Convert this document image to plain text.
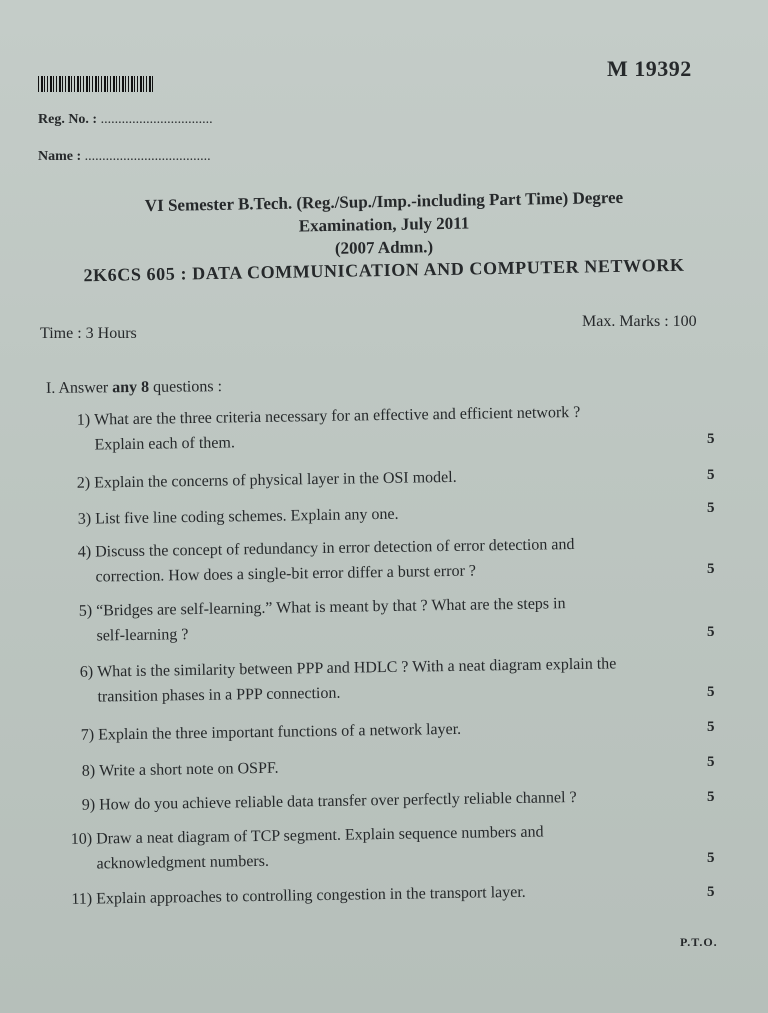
M 19392
Reg. No. : ................................
Name : ....................................
VI Semester B.Tech. (Reg./Sup./Imp.-including Part Time) Degree
Examination, July 2011
(2007 Admn.)
2K6CS 605 : DATA COMMUNICATION AND COMPUTER NETWORK
Time : 3 Hours
Max. Marks : 100
I. Answer any 8 questions :
1) What are the three criteria necessary for an effective and efficient network ?
Explain each of them.	5
2) Explain the concerns of physical layer in the OSI model.	5
3) List five line coding schemes. Explain any one.	5
4) Discuss the concept of redundancy in error detection of error detection and
correction. How does a single-bit error differ a burst error ?	5
5) “Bridges are self-learning.” What is meant by that ? What are the steps in
self-learning ?	5
6) What is the similarity between PPP and HDLC ? With a neat diagram explain the
transition phases in a PPP connection.	5
7) Explain the three important functions of a network layer.	5
8) Write a short note on OSPF.	5
9) How do you achieve reliable data transfer over perfectly reliable channel ?	5
10) Draw a neat diagram of TCP segment. Explain sequence numbers and
acknowledgment numbers.	5
11) Explain approaches to controlling congestion in the transport layer.	5
P.T.O.
